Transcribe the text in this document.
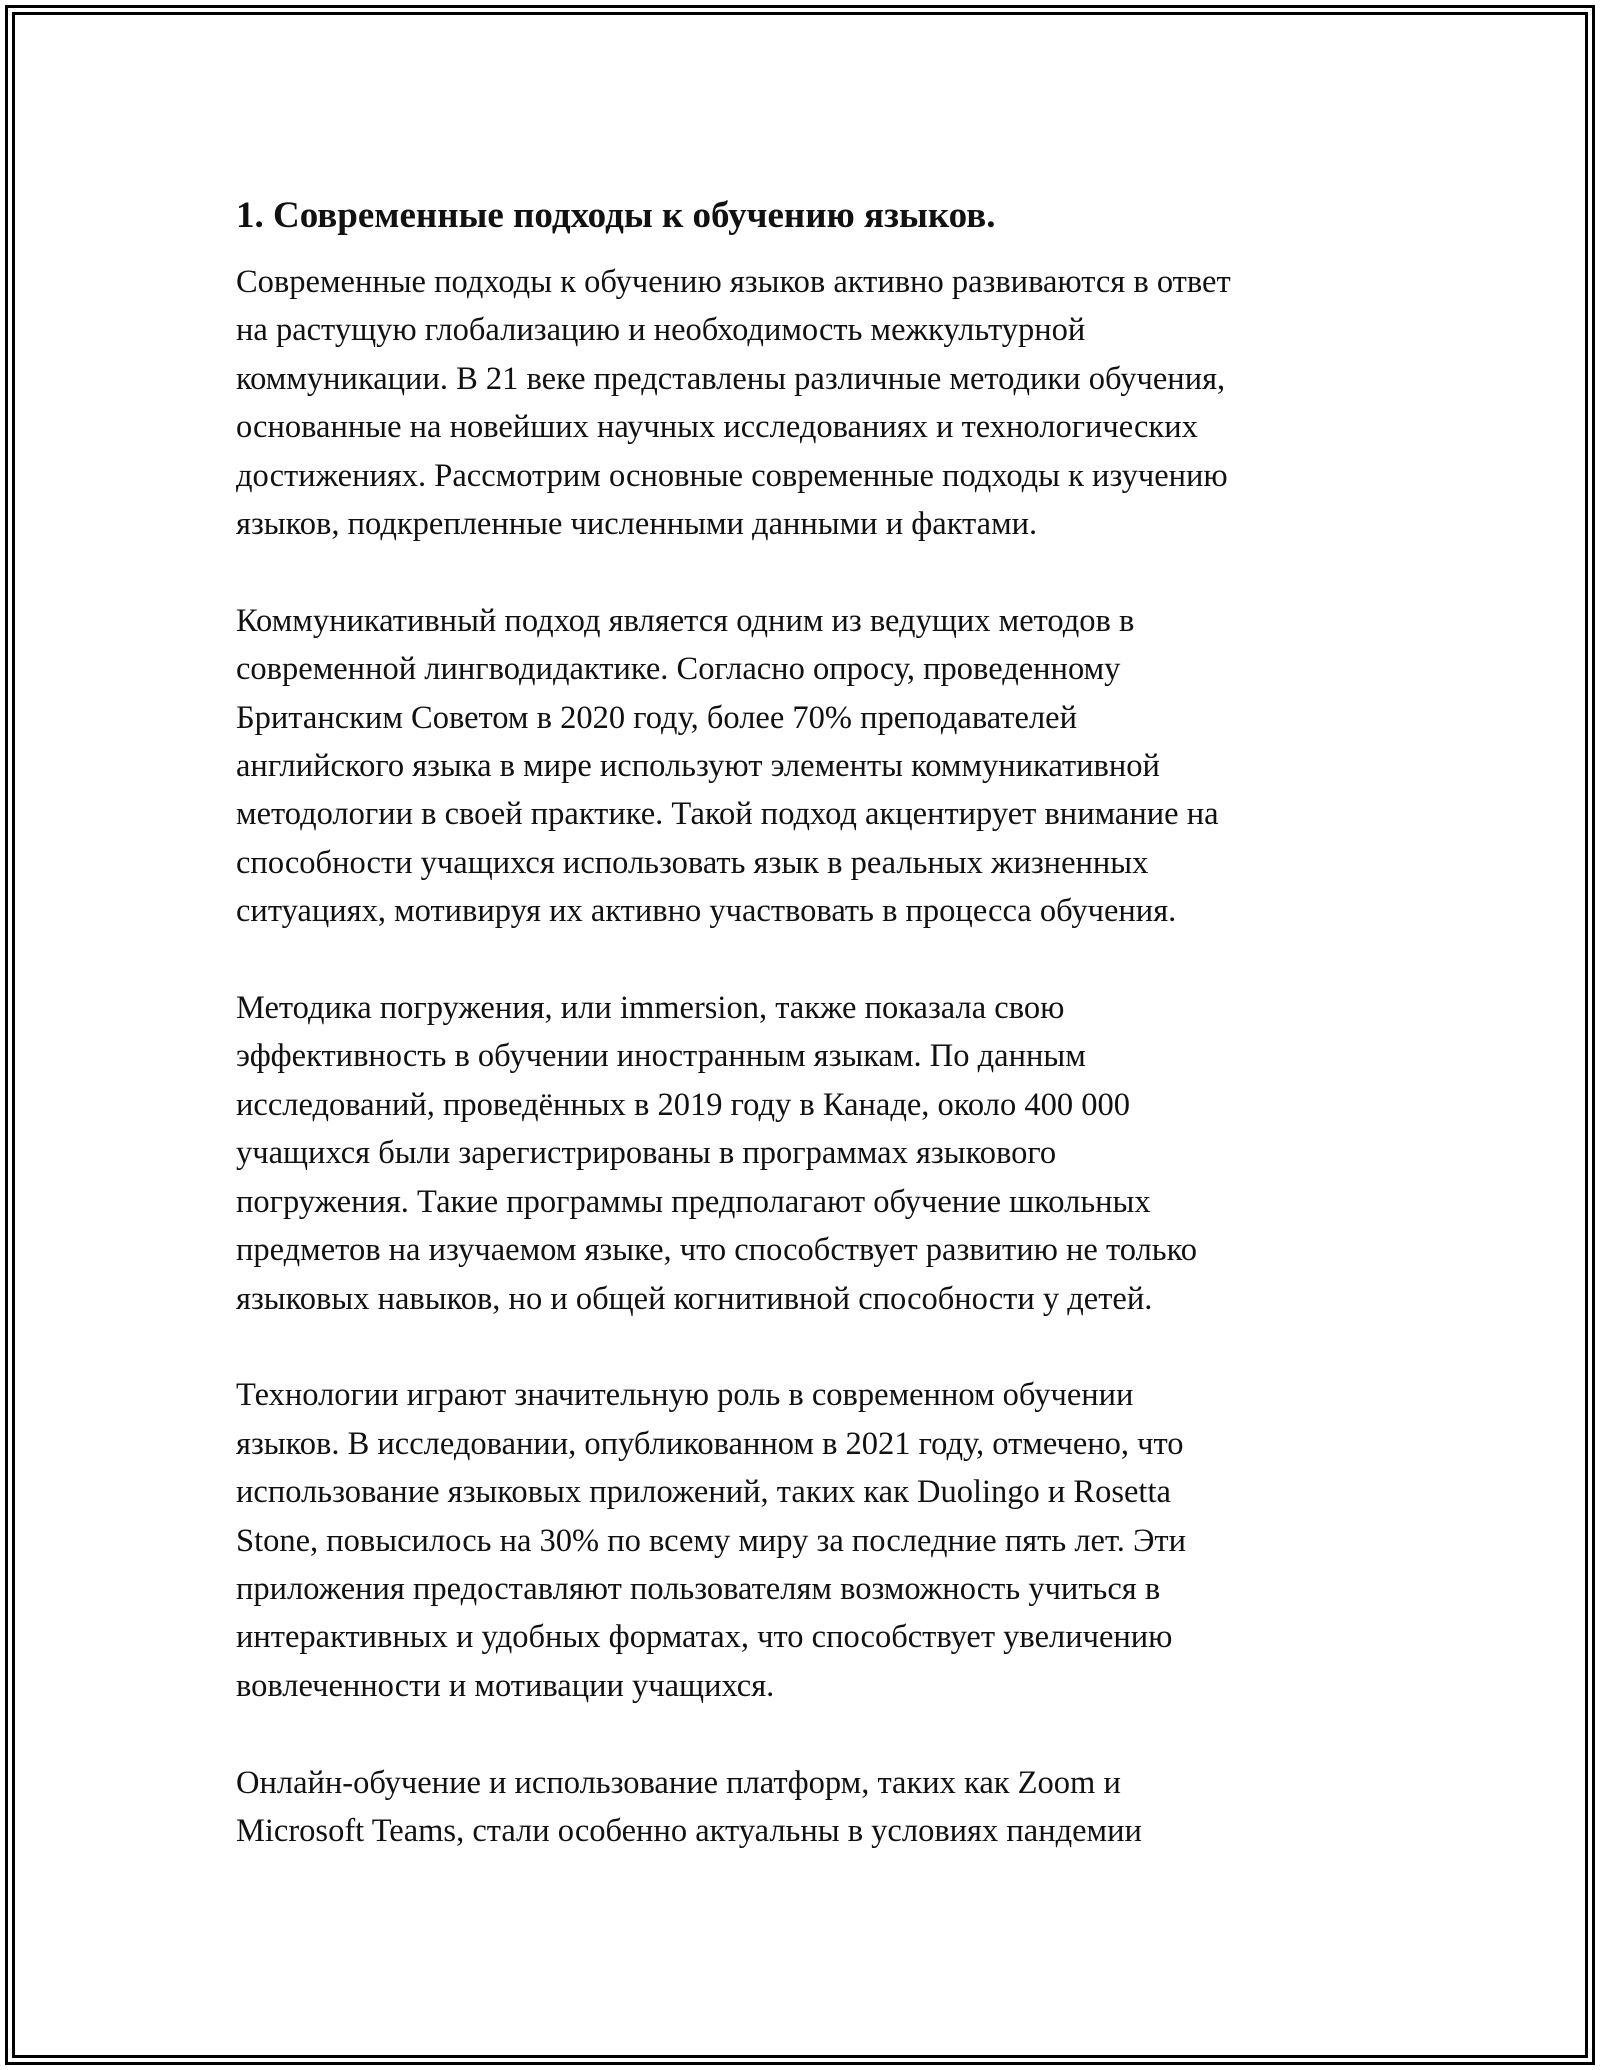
1. Современные подходы к обучению языков.

Современные подходы к обучению языков активно развиваются в ответ
на растущую глобализацию и необходимость межкультурной
коммуникации. В 21 веке представлены различные методики обучения,
основанные на новейших научных исследованиях и технологических
достижениях. Рассмотрим основные современные подходы к изучению
языков, подкрепленные численными данными и фактами.

Коммуникативный подход является одним из ведущих методов в
современной лингводидактике. Согласно опросу, проведенному
Британским Советом в 2020 году, более 70% преподавателей
английского языка в мире используют элементы коммуникативной
методологии в своей практике. Такой подход акцентирует внимание на
способности учащихся использовать язык в реальных жизненных
ситуациях, мотивируя их активно участвовать в процесса обучения.

Методика погружения, или immersion, также показала свою
эффективность в обучении иностранным языкам. По данным
исследований, проведённых в 2019 году в Канаде, около 400 000
учащихся были зарегистрированы в программах языкового
погружения. Такие программы предполагают обучение школьных
предметов на изучаемом языке, что способствует развитию не только
языковых навыков, но и общей когнитивной способности у детей.

Технологии играют значительную роль в современном обучении
языков. В исследовании, опубликованном в 2021 году, отмечено, что
использование языковых приложений, таких как Duolingo и Rosetta
Stone, повысилось на 30% по всему миру за последние пять лет. Эти
приложения предоставляют пользователям возможность учиться в
интерактивных и удобных форматах, что способствует увеличению
вовлеченности и мотивации учащихся.

Онлайн-обучение и использование платформ, таких как Zoom и
Microsoft Teams, стали особенно актуальны в условиях пандемии
